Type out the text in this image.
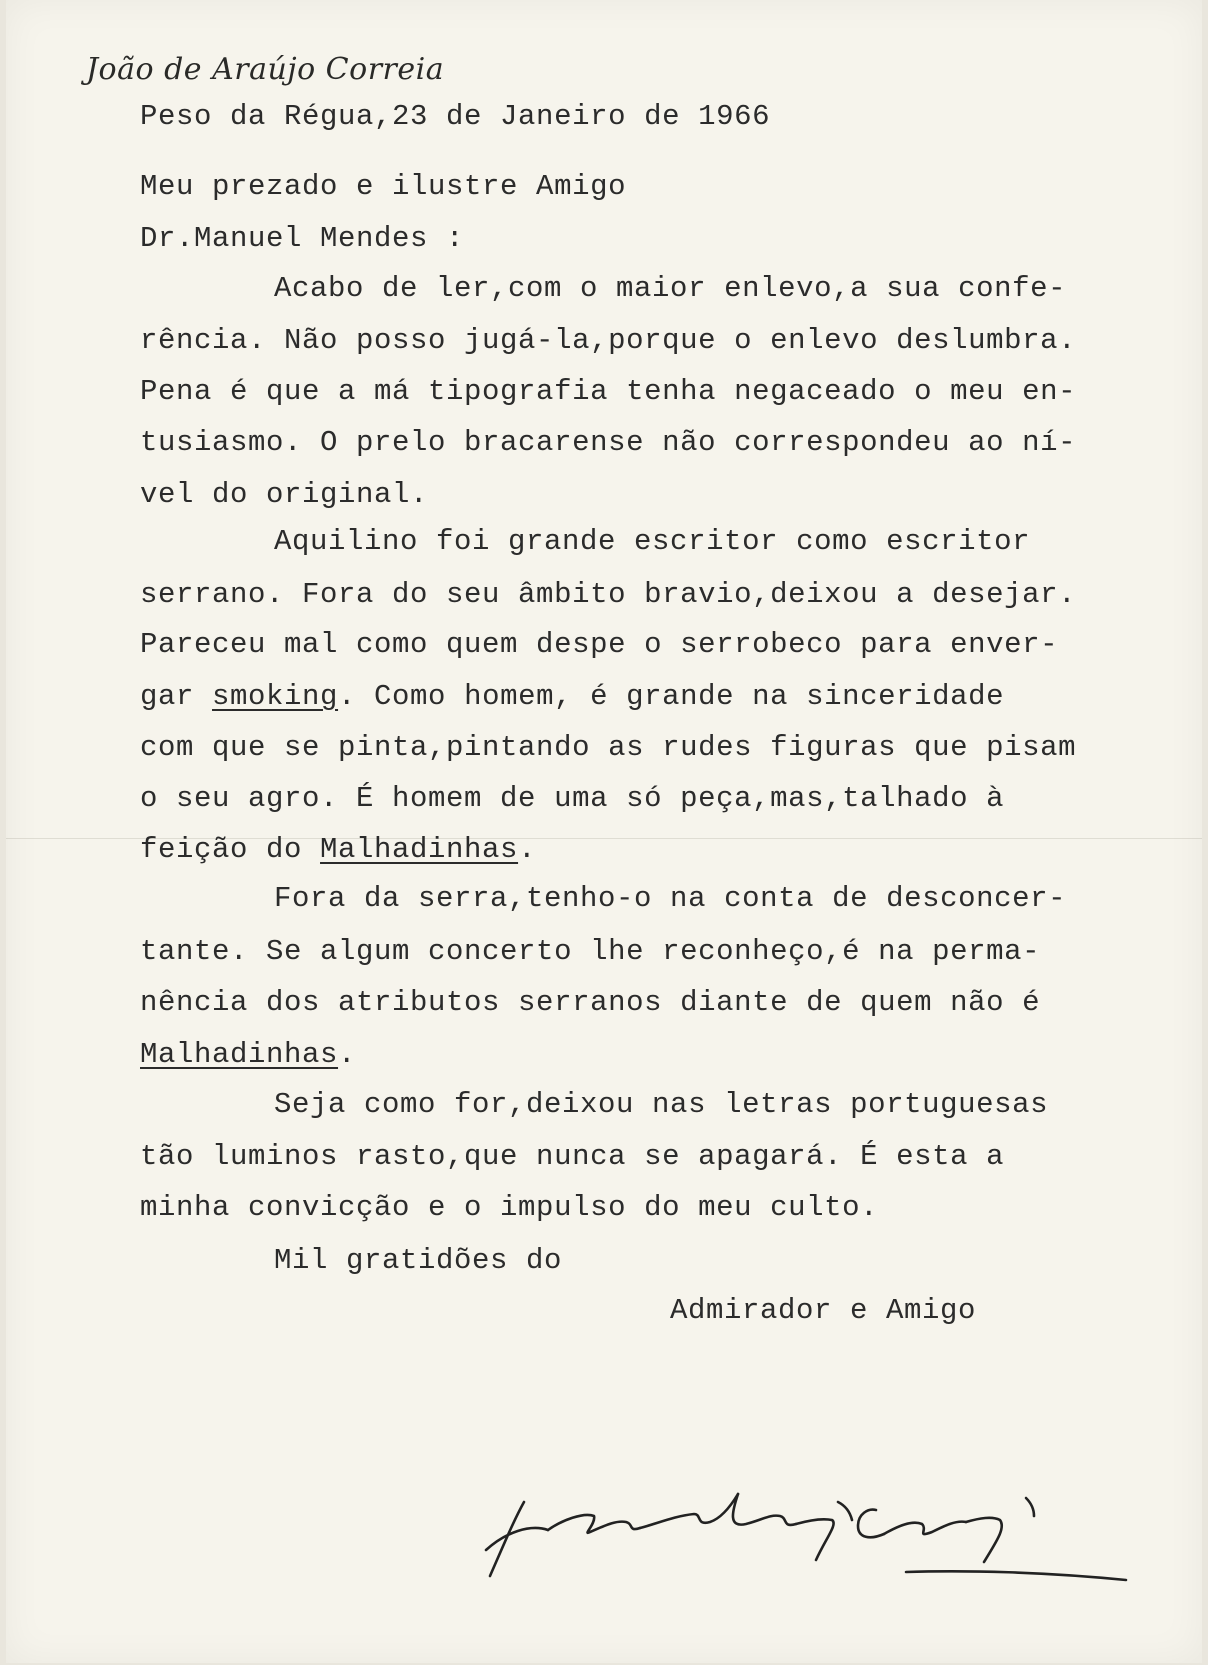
João de Araújo Correia
Peso da Régua,23 de Janeiro de 1966
Meu prezado e ilustre Amigo
Dr.Manuel Mendes :
Acabo de ler,com o maior enlevo,a sua confe-
rência. Não posso jugá-la,porque o enlevo deslumbra.
Pena é que a má tipografia tenha negaceado o meu en-
tusiasmo. O prelo bracarense não correspondeu ao ní-
vel do original.
Aquilino foi grande escritor como escritor
serrano. Fora do seu âmbito bravio,deixou a desejar.
Pareceu mal como quem despe o serrobeco para enver-
gar smoking. Como homem, é grande na sinceridade
com que se pinta,pintando as rudes figuras que pisam
o seu agro. É homem de uma só peça,mas,talhado à
feição do Malhadinhas.
Fora da serra,tenho-o na conta de desconcer-
tante. Se algum concerto lhe reconheço,é na perma-
nência dos atributos serranos diante de quem não é
Malhadinhas.
Seja como for,deixou nas letras portuguesas
tão luminos rasto,que nunca se apagará. É esta a
minha convicção e o impulso do meu culto.
Mil gratidões do
Admirador e Amigo
